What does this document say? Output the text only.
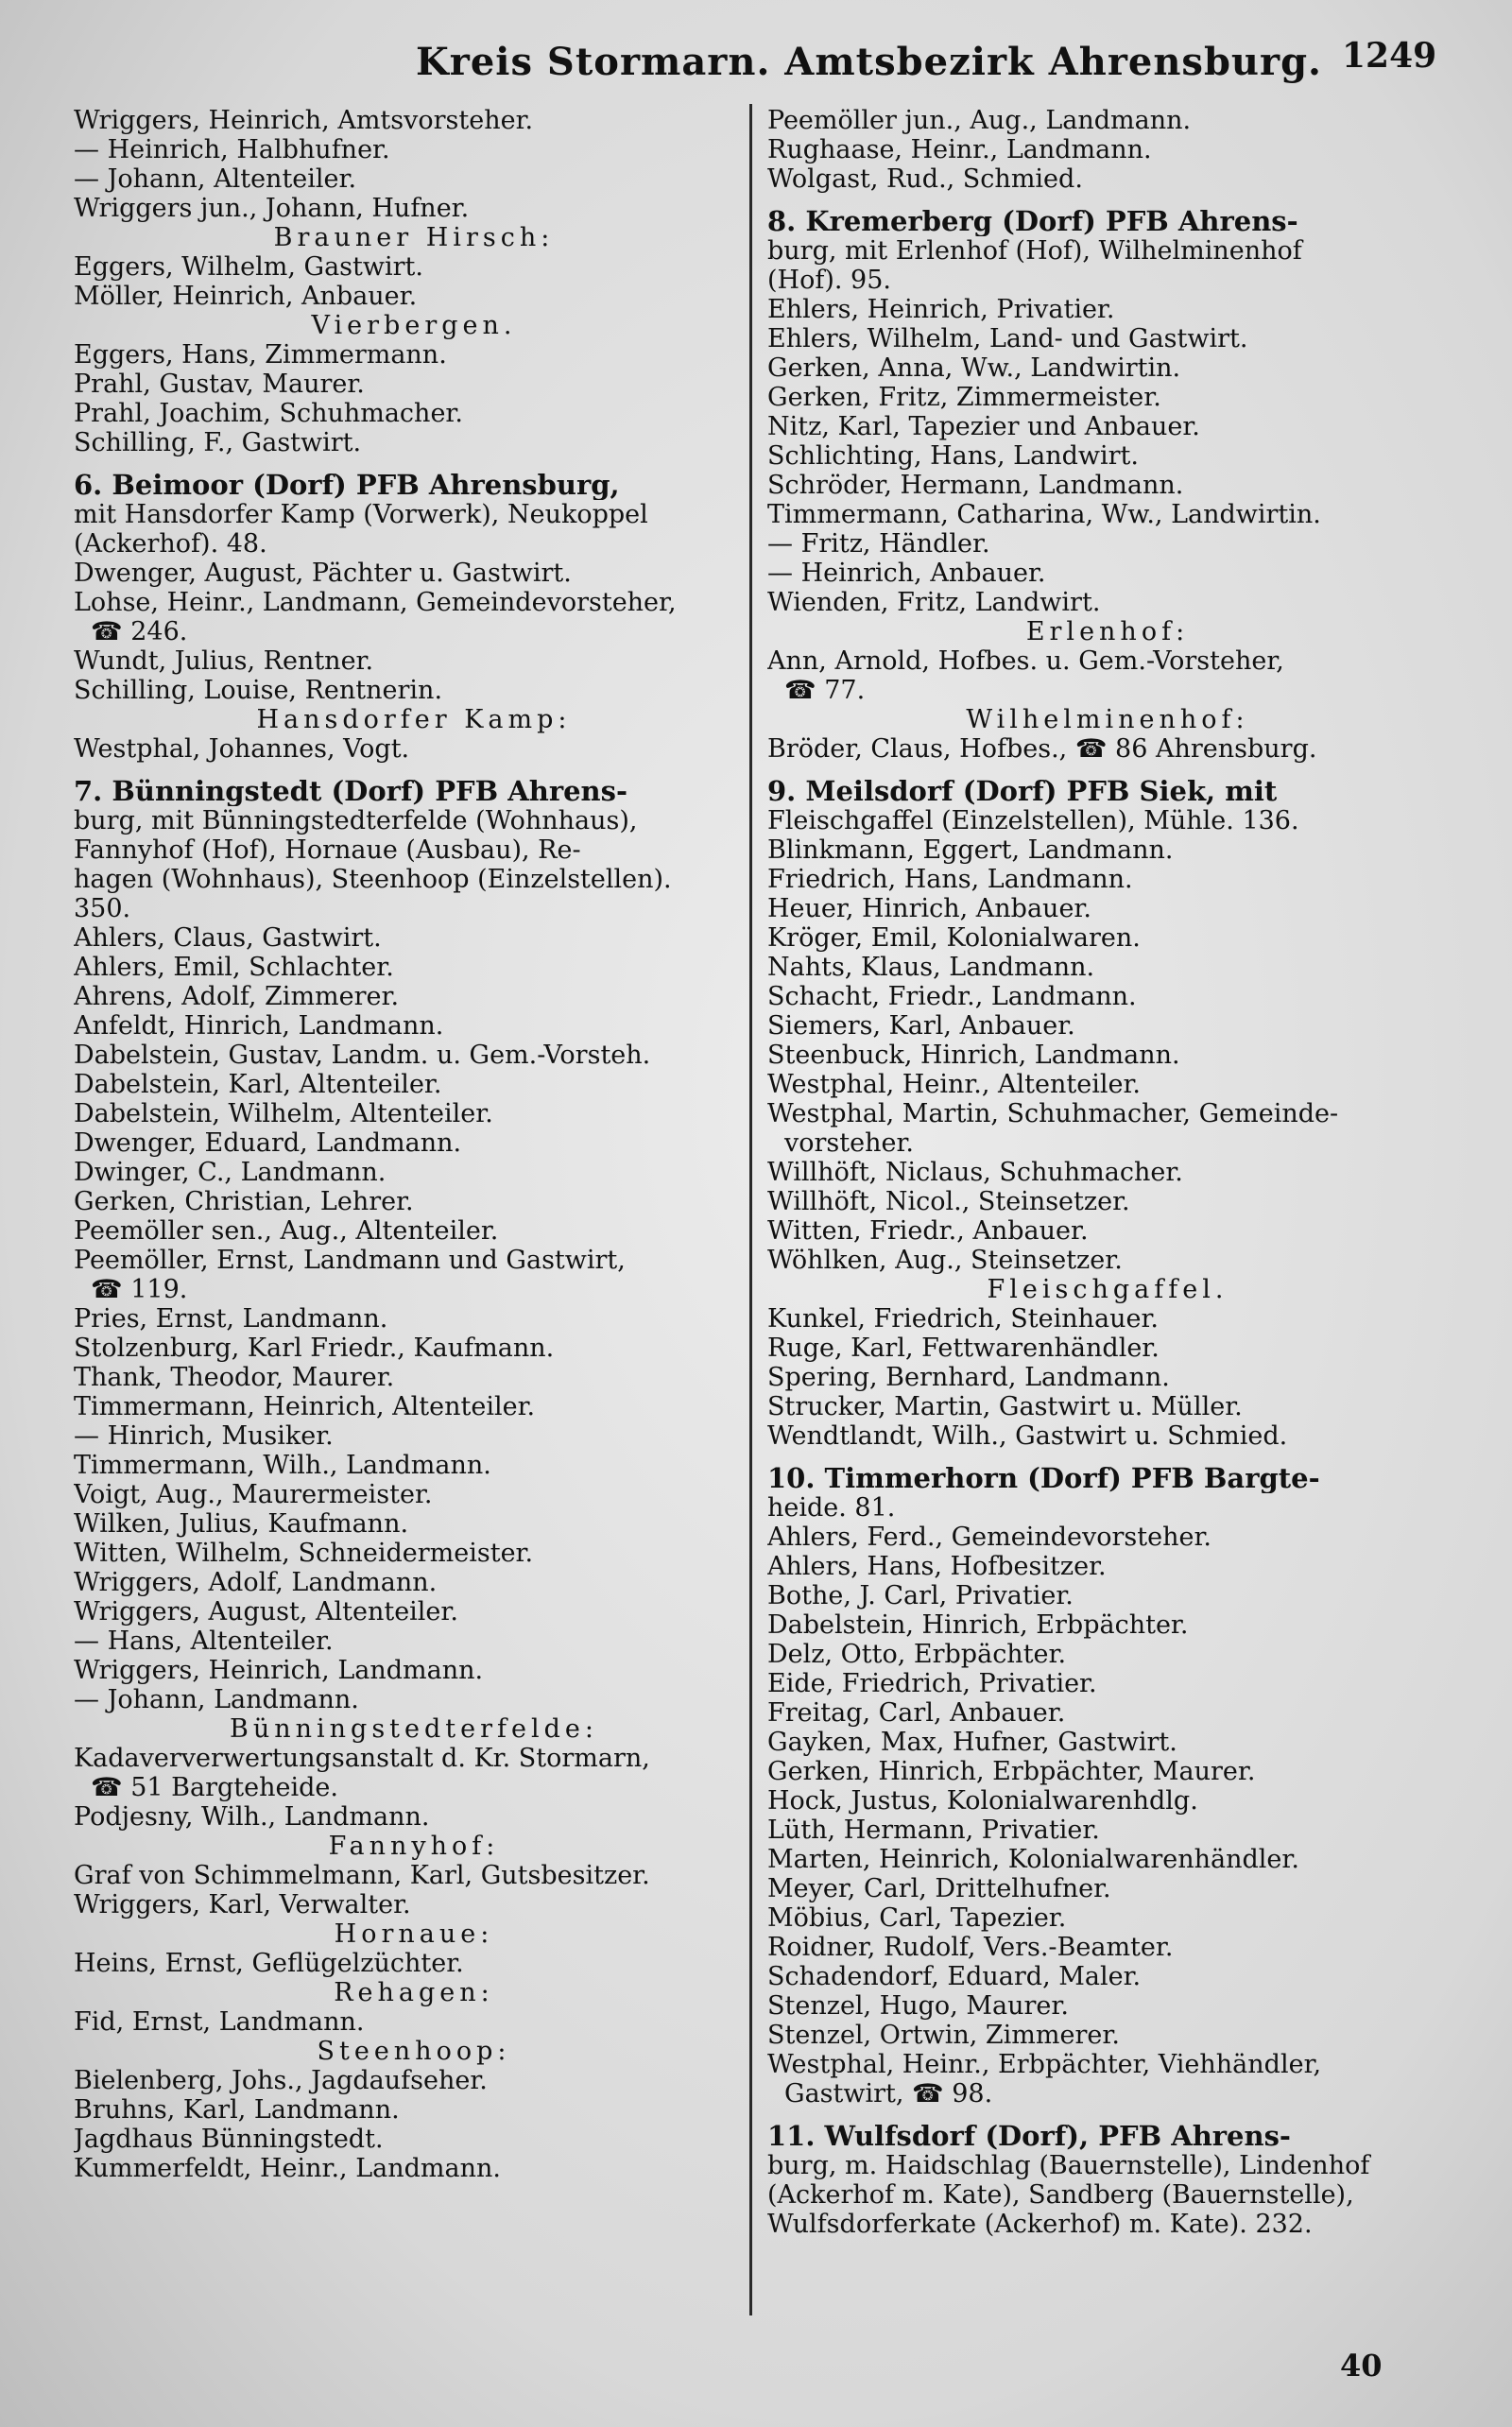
Kreis Stormarn. Amtsbezirk Ahrensburg. 1249
Wriggers, Heinrich, Amtsvorsteher.
— Heinrich, Halbhufner.
— Johann, Altenteiler.
Wriggers jun., Johann, Hufner.
Brauner Hirsch:
Eggers, Wilhelm, Gastwirt.
Möller, Heinrich, Anbauer.
Vierbergen.
Eggers, Hans, Zimmermann.
Prahl, Gustav, Maurer.
Prahl, Joachim, Schuhmacher.
Schilling, F., Gastwirt.
6. Beimoor (Dorf) PFB Ahrensburg,
mit Hansdorfer Kamp (Vorwerk), Neukoppel
(Ackerhof). 48.
Dwenger, August, Pächter u. Gastwirt.
Lohse, Heinr., Landmann, Gemeindevorsteher,
☎ 246.
Wundt, Julius, Rentner.
Schilling, Louise, Rentnerin.
Hansdorfer Kamp:
Westphal, Johannes, Vogt.
7. Bünningstedt (Dorf) PFB Ahrens-
burg, mit Bünningstedterfelde (Wohnhaus),
Fannyhof (Hof), Hornaue (Ausbau), Re-
hagen (Wohnhaus), Steenhoop (Einzelstellen).
350.
Ahlers, Claus, Gastwirt.
Ahlers, Emil, Schlachter.
Ahrens, Adolf, Zimmerer.
Anfeldt, Hinrich, Landmann.
Dabelstein, Gustav, Landm. u. Gem.-Vorsteh.
Dabelstein, Karl, Altenteiler.
Dabelstein, Wilhelm, Altenteiler.
Dwenger, Eduard, Landmann.
Dwinger, C., Landmann.
Gerken, Christian, Lehrer.
Peemöller sen., Aug., Altenteiler.
Peemöller, Ernst, Landmann und Gastwirt,
☎ 119.
Pries, Ernst, Landmann.
Stolzenburg, Karl Friedr., Kaufmann.
Thank, Theodor, Maurer.
Timmermann, Heinrich, Altenteiler.
— Hinrich, Musiker.
Timmermann, Wilh., Landmann.
Voigt, Aug., Maurermeister.
Wilken, Julius, Kaufmann.
Witten, Wilhelm, Schneidermeister.
Wriggers, Adolf, Landmann.
Wriggers, August, Altenteiler.
— Hans, Altenteiler.
Wriggers, Heinrich, Landmann.
— Johann, Landmann.
Bünningstedterfelde:
Kadaververwertungsanstalt d. Kr. Stormarn,
☎ 51 Bargteheide.
Podjesny, Wilh., Landmann.
Fannyhof:
Graf von Schimmelmann, Karl, Gutsbesitzer.
Wriggers, Karl, Verwalter.
Hornaue:
Heins, Ernst, Geflügelzüchter.
Rehagen:
Fid, Ernst, Landmann.
Steenhoop:
Bielenberg, Johs., Jagdaufseher.
Bruhns, Karl, Landmann.
Jagdhaus Bünningstedt.
Kummerfeldt, Heinr., Landmann.
Peemöller jun., Aug., Landmann.
Rughaase, Heinr., Landmann.
Wolgast, Rud., Schmied.
8. Kremerberg (Dorf) PFB Ahrens-
burg, mit Erlenhof (Hof), Wilhelminenhof
(Hof). 95.
Ehlers, Heinrich, Privatier.
Ehlers, Wilhelm, Land- und Gastwirt.
Gerken, Anna, Ww., Landwirtin.
Gerken, Fritz, Zimmermeister.
Nitz, Karl, Tapezier und Anbauer.
Schlichting, Hans, Landwirt.
Schröder, Hermann, Landmann.
Timmermann, Catharina, Ww., Landwirtin.
— Fritz, Händler.
— Heinrich, Anbauer.
Wienden, Fritz, Landwirt.
Erlenhof:
Ann, Arnold, Hofbes. u. Gem.-Vorsteher,
☎ 77.
Wilhelminenhof:
Bröder, Claus, Hofbes., ☎ 86 Ahrensburg.
9. Meilsdorf (Dorf) PFB Siek, mit
Fleischgaffel (Einzelstellen), Mühle. 136.
Blinkmann, Eggert, Landmann.
Friedrich, Hans, Landmann.
Heuer, Hinrich, Anbauer.
Kröger, Emil, Kolonialwaren.
Nahts, Klaus, Landmann.
Schacht, Friedr., Landmann.
Siemers, Karl, Anbauer.
Steenbuck, Hinrich, Landmann.
Westphal, Heinr., Altenteiler.
Westphal, Martin, Schuhmacher, Gemeinde-
vorsteher.
Willhöft, Niclaus, Schuhmacher.
Willhöft, Nicol., Steinsetzer.
Witten, Friedr., Anbauer.
Wöhlken, Aug., Steinsetzer.
Fleischgaffel.
Kunkel, Friedrich, Steinhauer.
Ruge, Karl, Fettwarenhändler.
Spering, Bernhard, Landmann.
Strucker, Martin, Gastwirt u. Müller.
Wendtlandt, Wilh., Gastwirt u. Schmied.
10. Timmerhorn (Dorf) PFB Bargte-
heide. 81.
Ahlers, Ferd., Gemeindevorsteher.
Ahlers, Hans, Hofbesitzer.
Bothe, J. Carl, Privatier.
Dabelstein, Hinrich, Erbpächter.
Delz, Otto, Erbpächter.
Eide, Friedrich, Privatier.
Freitag, Carl, Anbauer.
Gayken, Max, Hufner, Gastwirt.
Gerken, Hinrich, Erbpächter, Maurer.
Hock, Justus, Kolonialwarenhdlg.
Lüth, Hermann, Privatier.
Marten, Heinrich, Kolonialwarenhändler.
Meyer, Carl, Drittelhufner.
Möbius, Carl, Tapezier.
Roidner, Rudolf, Vers.-Beamter.
Schadendorf, Eduard, Maler.
Stenzel, Hugo, Maurer.
Stenzel, Ortwin, Zimmerer.
Westphal, Heinr., Erbpächter, Viehhändler,
Gastwirt, ☎ 98.
11. Wulfsdorf (Dorf), PFB Ahrens-
burg, m. Haidschlag (Bauernstelle), Lindenhof
(Ackerhof m. Kate), Sandberg (Bauernstelle),
Wulfsdorferkate (Ackerhof) m. Kate). 232.
40
